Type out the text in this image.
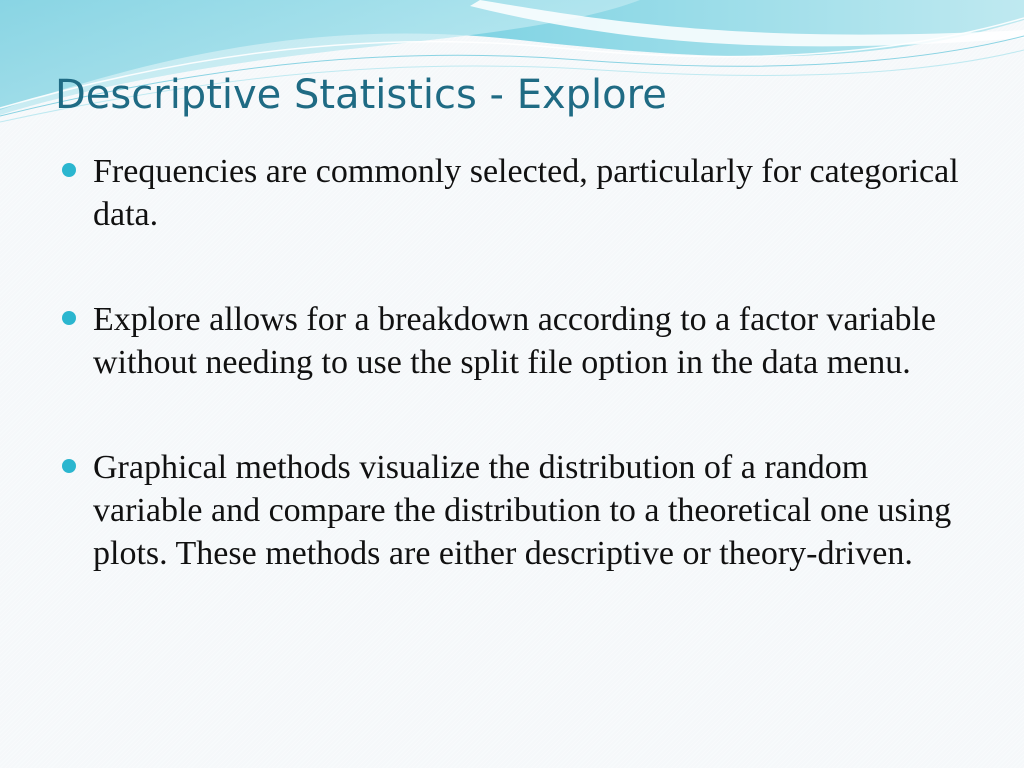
Descriptive Statistics - Explore
Frequencies are commonly selected, particularly for categorical data.
Explore allows for a breakdown according to a factor variable without needing to use the split file option in the data menu.
Graphical methods visualize the distribution of a random variable and compare the distribution to a theoretical one using plots. These methods are either descriptive or theory-driven.
